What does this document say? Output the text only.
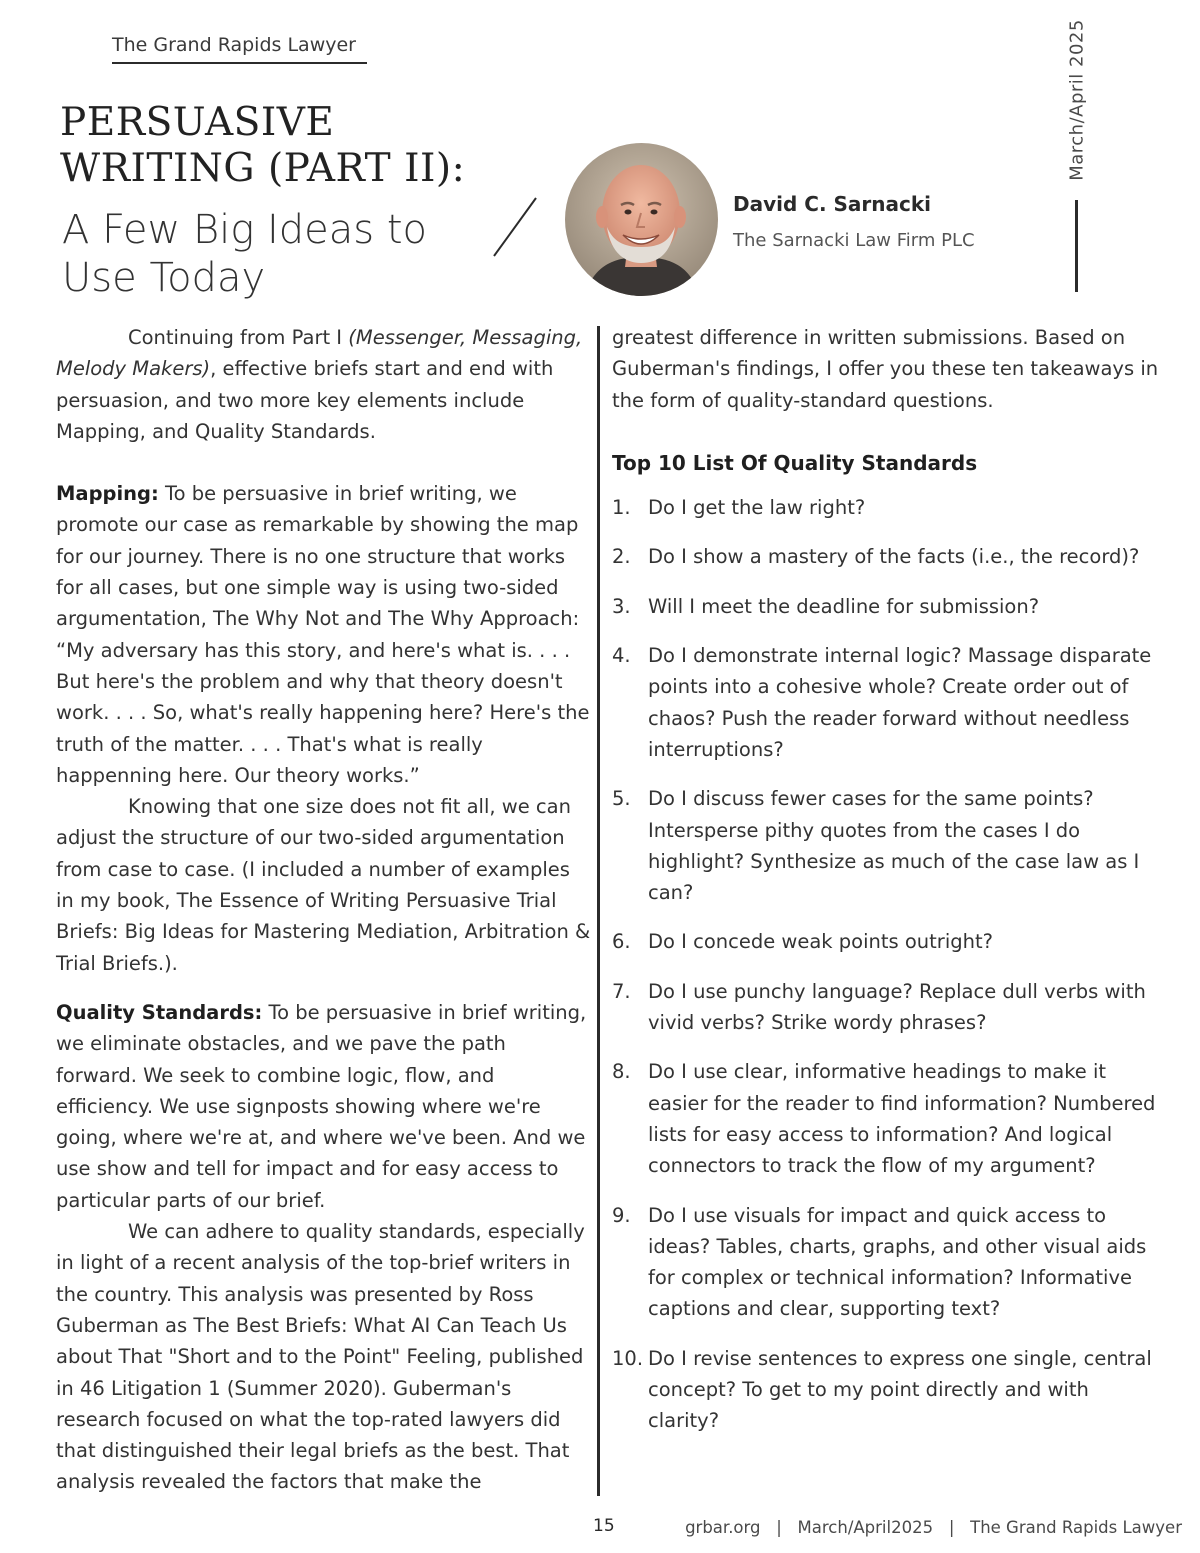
The Grand Rapids Lawyer	March/April 2025
PERSUASIVE WRITING (PART II):
A Few Big Ideas to Use Today
David C. Sarnacki
The Sarnacki Law Firm PLC

Continuing from Part I (Messenger, Messaging, Melody Makers), effective briefs start and end with persuasion, and two more key elements include Mapping, and Quality Standards.

Mapping: To be persuasive in brief writing, we promote our case as remarkable by showing the map for our journey. There is no one structure that works for all cases, but one simple way is using two-sided argumentation, The Why Not and The Why Approach: “My adversary has this story, and here's what is. . . . But here's the problem and why that theory doesn't work. . . . So, what's really happening here? Here's the truth of the matter. . . . That's what is really happenning here. Our theory works.”

Knowing that one size does not fit all, we can adjust the structure of our two-sided argumentation from case to case. (I included a number of examples in my book, The Essence of Writing Persuasive Trial Briefs: Big Ideas for Mastering Mediation, Arbitration & Trial Briefs.).

Quality Standards: To be persuasive in brief writing, we eliminate obstacles, and we pave the path forward. We seek to combine logic, flow, and efficiency. We use signposts showing where we're going, where we're at, and where we've been. And we use show and tell for impact and for easy access to particular parts of our brief.

We can adhere to quality standards, especially in light of a recent analysis of the top-brief writers in the country. This analysis was presented by Ross Guberman as The Best Briefs: What AI Can Teach Us about That "Short and to the Point" Feeling, published in 46 Litigation 1 (Summer 2020). Guberman's research focused on what the top-rated lawyers did that distinguished their legal briefs as the best. That analysis revealed the factors that make the

greatest difference in written submissions. Based on Guberman's findings, I offer you these ten takeaways in the form of quality-standard questions.

Top 10 List Of Quality Standards
1. Do I get the law right?
2. Do I show a mastery of the facts (i.e., the record)?
3. Will I meet the deadline for submission?
4. Do I demonstrate internal logic? Massage disparate points into a cohesive whole? Create order out of chaos? Push the reader forward without needless interruptions?
5. Do I discuss fewer cases for the same points? Intersperse pithy quotes from the cases I do highlight? Synthesize as much of the case law as I can?
6. Do I concede weak points outright?
7. Do I use punchy language? Replace dull verbs with vivid verbs? Strike wordy phrases?
8. Do I use clear, informative headings to make it easier for the reader to find information? Numbered lists for easy access to information? And logical connectors to track the flow of my argument?
9. Do I use visuals for impact and quick access to ideas? Tables, charts, graphs, and other visual aids for complex or technical information? Informative captions and clear, supporting text?
10. Do I revise sentences to express one single, central concept? To get to my point directly and with clarity?
15	grbar.org   |   March/April2025   |   The Grand Rapids Lawyer
